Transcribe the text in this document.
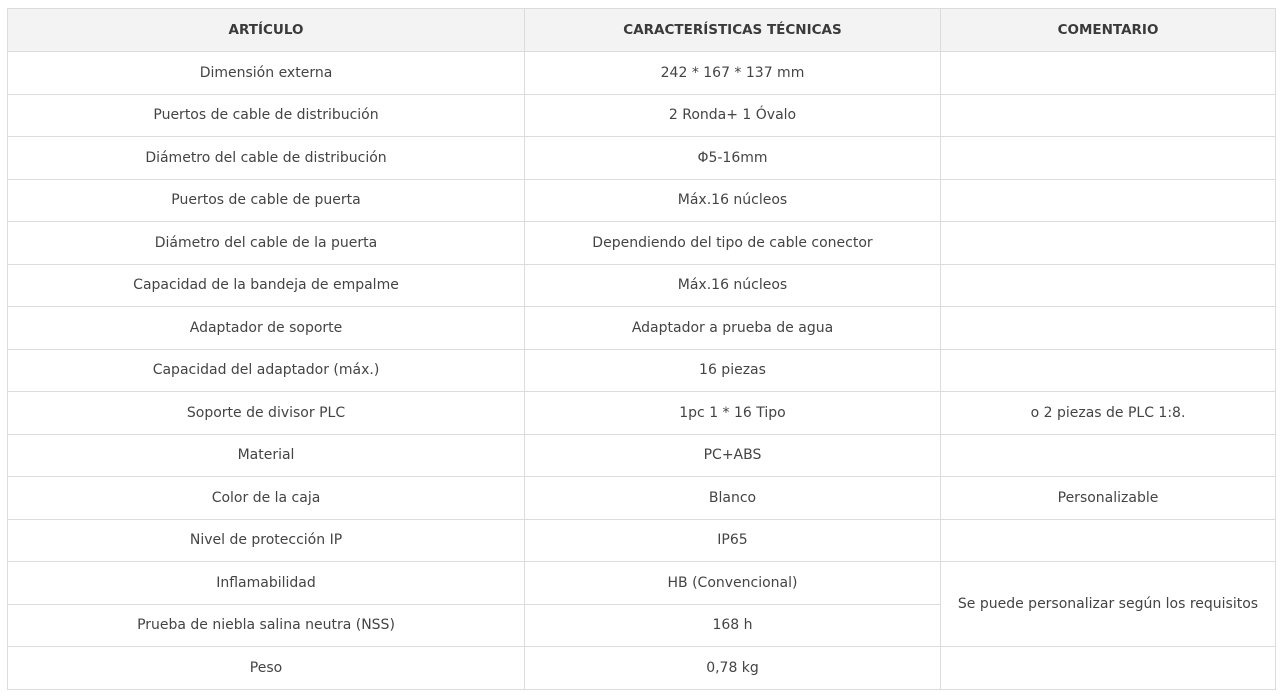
ARTÍCULO	CARACTERÍSTICAS TÉCNICAS	COMENTARIO
Dimensión externa	242 * 167 * 137 mm	
Puertos de cable de distribución	2 Ronda+ 1 Óvalo	
Diámetro del cable de distribución	Φ5-16mm	
Puertos de cable de puerta	Máx.16 núcleos	
Diámetro del cable de la puerta	Dependiendo del tipo de cable conector	
Capacidad de la bandeja de empalme	Máx.16 núcleos	
Adaptador de soporte	Adaptador a prueba de agua	
Capacidad del adaptador (máx.)	16 piezas	
Soporte de divisor PLC	1pc 1 * 16 Tipo	o 2 piezas de PLC 1:8.
Material	PC+ABS	
Color de la caja	Blanco	Personalizable
Nivel de protección IP	IP65	
Inflamabilidad	HB (Convencional)	Se puede personalizar según los requisitos
Prueba de niebla salina neutra (NSS)	168 h	
Peso	0,78 kg	
